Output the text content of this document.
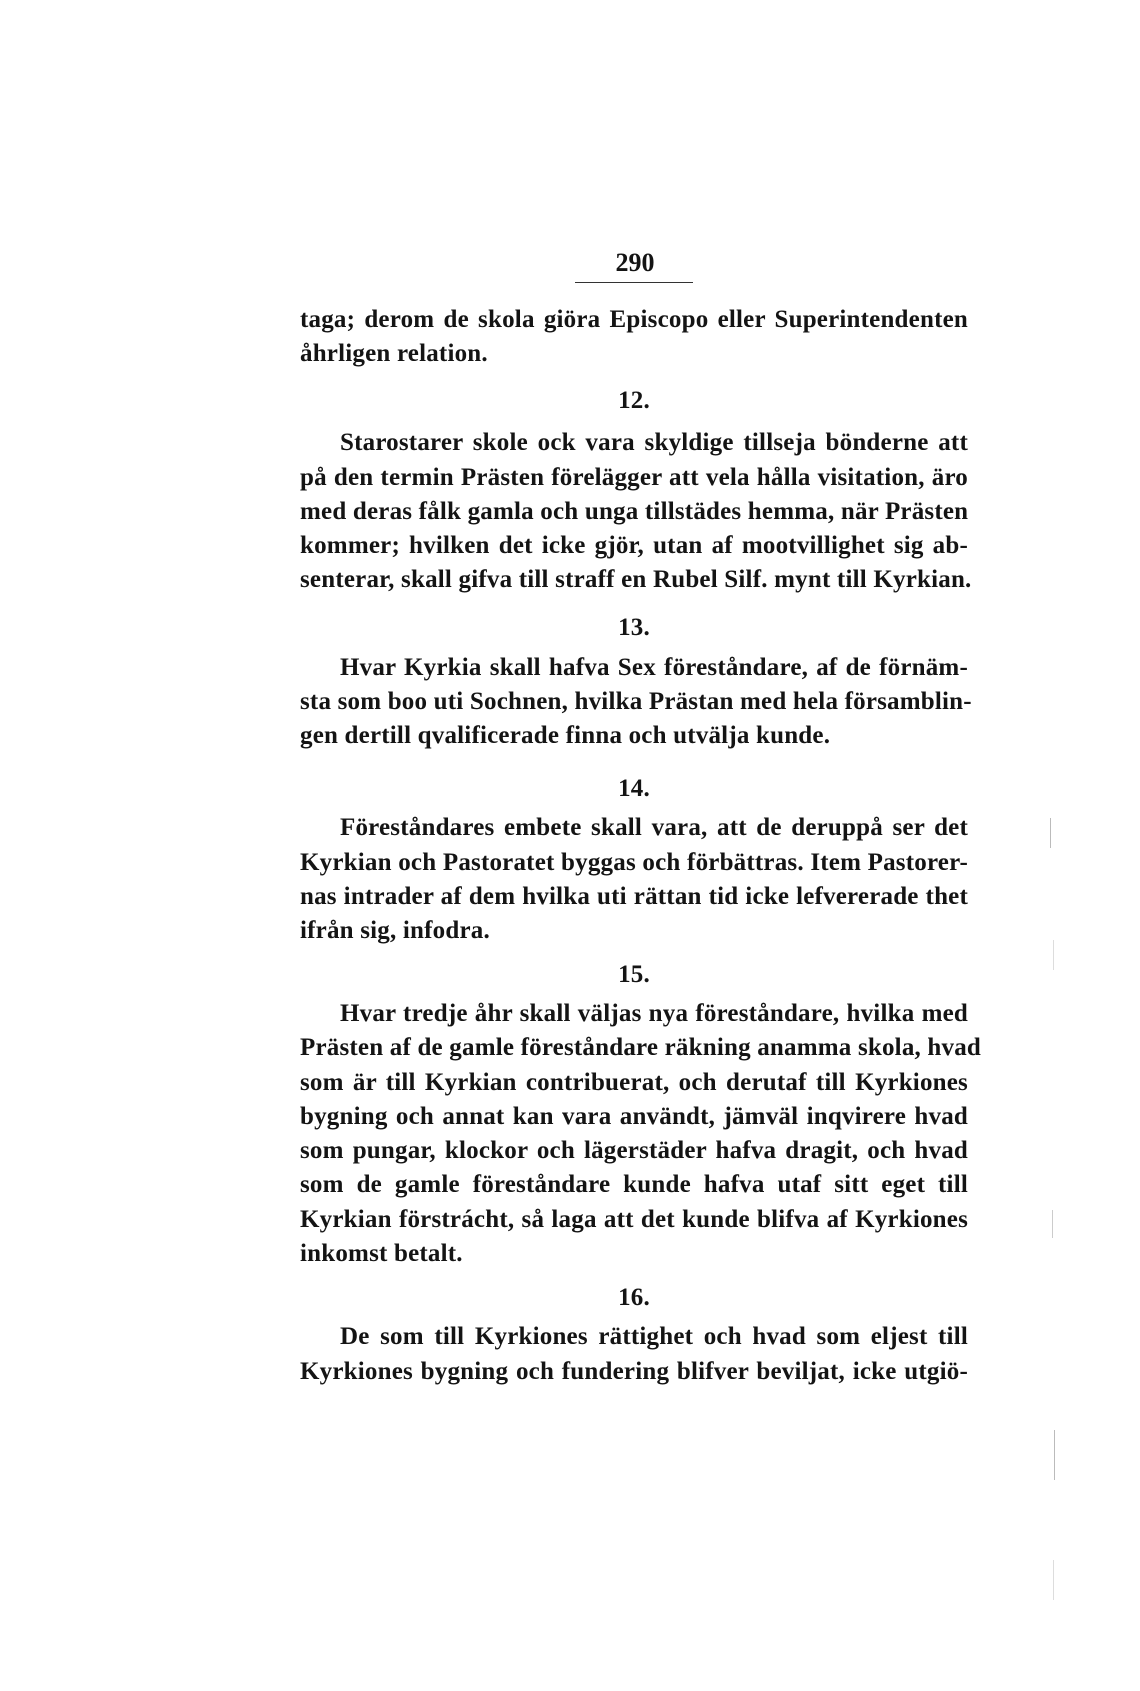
290
taga; derom de skola giöra Episcopo eller Superintendenten
åhrligen relation.
12.
Starostarer skole ock vara skyldige tillseja bönderne att
på den termin Prästen förelägger att vela hålla visitation, äro
med deras fålk gamla och unga tillstädes hemma, när Prästen
kommer; hvilken det icke gjör, utan af mootvillighet sig ab-
senterar, skall gifva till straff en Rubel Silf. mynt till Kyrkian.
13.
Hvar Kyrkia skall hafva Sex föreståndare, af de förnäm-
sta som boo uti Sochnen, hvilka Prästan med hela församblin-
gen dertill qvalificerade finna och utvälja kunde.
14.
Föreståndares embete skall vara, att de deruppå ser det
Kyrkian och Pastoratet byggas och förbättras. Item Pastorer-
nas intrader af dem hvilka uti rättan tid icke lefvererade thet
ifrån sig, infodra.
15.
Hvar tredje åhr skall väljas nya föreståndare, hvilka med
Prästen af de gamle föreståndare räkning anamma skola, hvad
som är till Kyrkian contribuerat, och derutaf till Kyrkiones
bygning och annat kan vara användt, jämväl inqvirere hvad
som pungar, klockor och lägerstäder hafva dragit, och hvad
som de gamle föreståndare kunde hafva utaf sitt eget till
Kyrkian förstrácht, så laga att det kunde blifva af Kyrkiones
inkomst betalt.
16.
De som till Kyrkiones rättighet och hvad som eljest till
Kyrkiones bygning och fundering blifver beviljat, icke utgiö-
